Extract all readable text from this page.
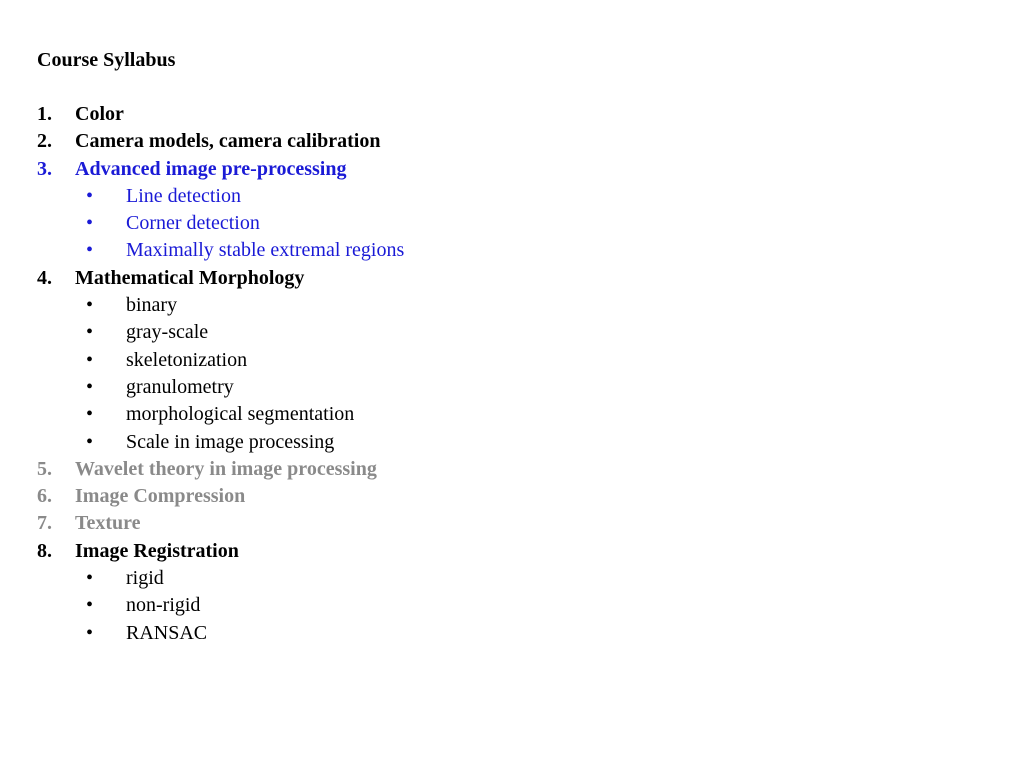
Course Syllabus
1. Color
2. Camera models, camera calibration
3. Advanced image pre-processing
• Line detection
• Corner detection
• Maximally stable extremal regions
4. Mathematical Morphology
• binary
• gray-scale
• skeletonization
• granulometry
• morphological segmentation
• Scale in image processing
5. Wavelet theory in image processing
6. Image Compression
7. Texture
8. Image Registration
• rigid
• non-rigid
• RANSAC
